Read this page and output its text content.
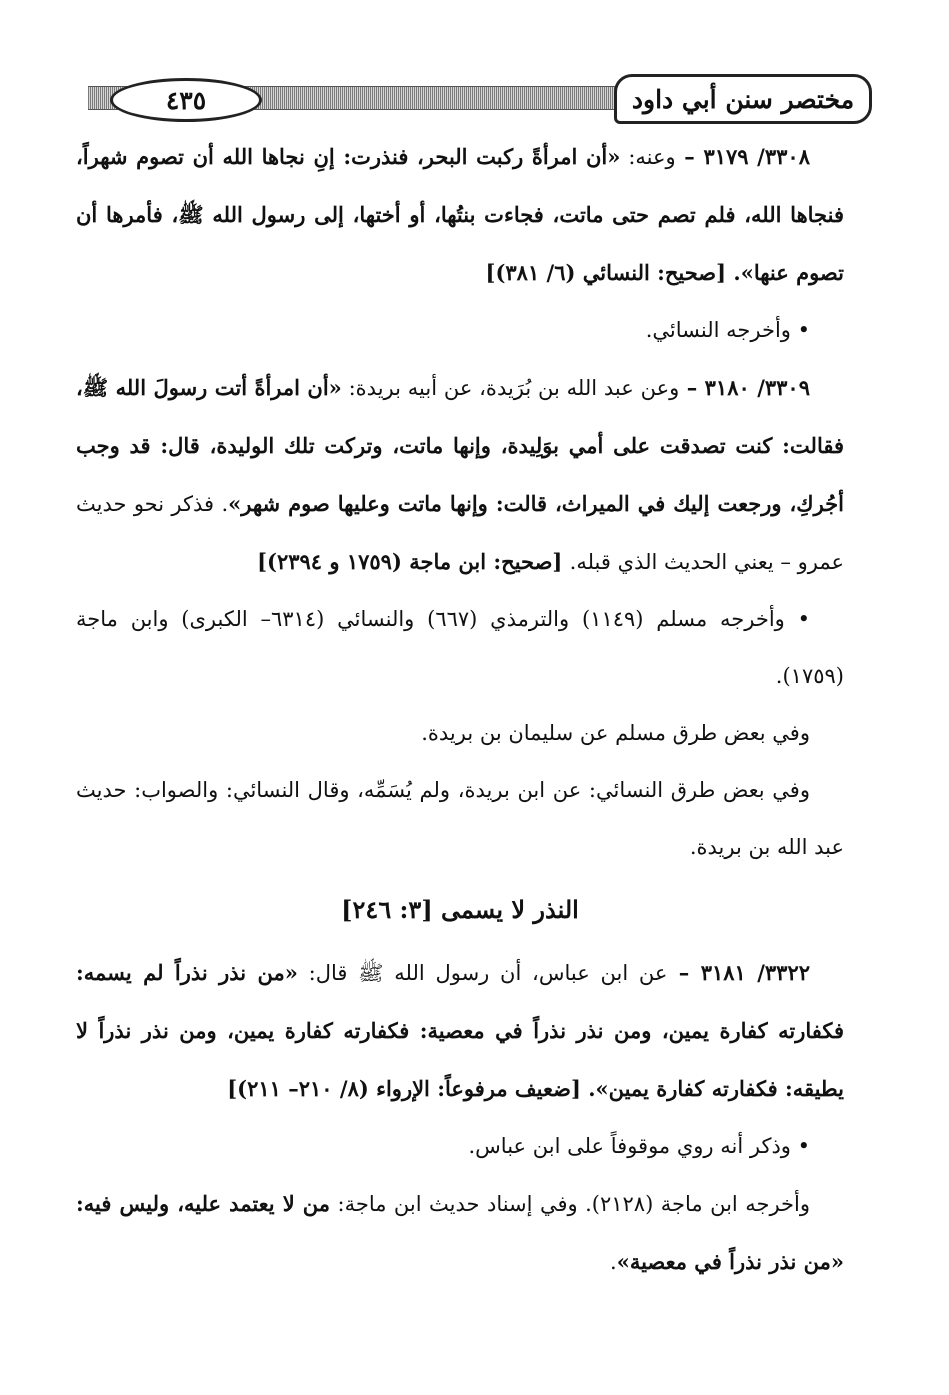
٤٣٥	مختصر سنن أبي داود

٣٣٠٨/ ٣١٧٩ – وعنه: «أن امرأةً ركبت البحر، فنذرت: إنِ نجاها الله أن تصوم شهراً، فنجاها الله، فلم تصم حتى ماتت، فجاءت بنتُها، أو أختها، إلى رسول الله ﷺ، فأمرها أن تصوم عنها». [صحيح: النسائي (٦/ ٣٨١)]

• وأخرجه النسائي.

٣٣٠٩/ ٣١٨٠ – وعن عبد الله بن بُرَيدة، عن أبيه بريدة: «أن امرأةً أتت رسولَ الله ﷺ، فقالت: كنت تصدقت على أمي بوَلِيدة، وإنها ماتت، وتركت تلك الوليدة، قال: قد وجب أجُركِ، ورجعت إليك في الميراث، قالت: وإنها ماتت وعليها صوم شهر». فذكر نحو حديث عمرو – يعني الحديث الذي قبله. [صحيح: ابن ماجة (١٧٥٩ و ٢٣٩٤)]

• وأخرجه مسلم (١١٤٩) والترمذي (٦٦٧) والنسائي (٦٣١٤– الكبرى) وابن ماجة (١٧٥٩).

وفي بعض طرق مسلم عن سليمان بن بريدة.

وفي بعض طرق النسائي: عن ابن بريدة، ولم يُسَمِّه، وقال النسائي: والصواب: حديث عبد الله بن بريدة.

النذر لا يسمى [٣: ٢٤٦]

٣٣٢٢/ ٣١٨١ – عن ابن عباس، أن رسول الله ﷺ قال: «من نذر نذراً لم يسمه: فكفارته كفارة يمين، ومن نذر نذراً في معصية: فكفارته كفارة يمين، ومن نذر نذراً لا يطيقه: فكفارته كفارة يمين». [ضعيف مرفوعاً: الإرواء (٨/ ٢١٠– ٢١١)]

• وذكر أنه روي موقوفاً على ابن عباس.

وأخرجه ابن ماجة (٢١٢٨). وفي إسناد حديث ابن ماجة: من لا يعتمد عليه، وليس فيه: «من نذر نذراً في معصية».
